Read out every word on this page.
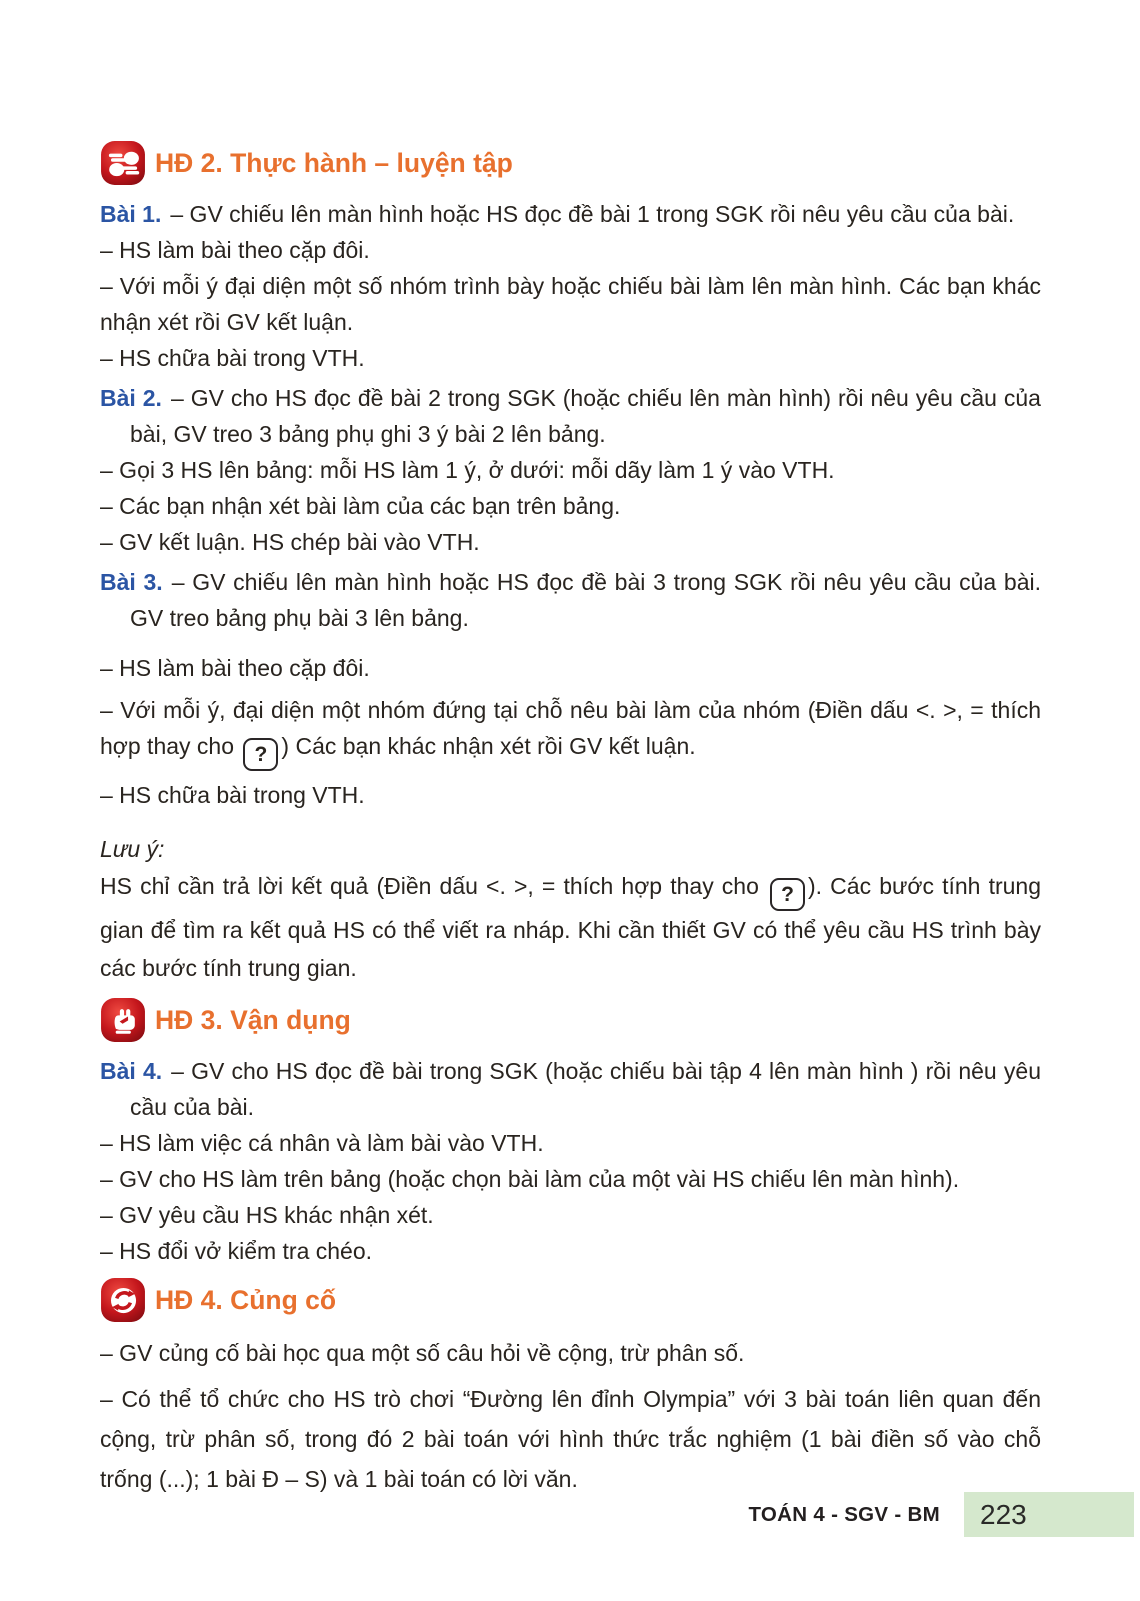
HĐ 2. Thực hành – luyện tập

Bài 1. – GV chiếu lên màn hình hoặc HS đọc đề bài 1 trong SGK rồi nêu yêu cầu của bài.

– HS làm bài theo cặp đôi.

– Với mỗi ý đại diện một số nhóm trình bày hoặc chiếu bài làm lên màn hình. Các bạn khác nhận xét rồi GV kết luận.

– HS chữa bài trong VTH.

Bài 2. – GV cho HS đọc đề bài 2 trong SGK (hoặc chiếu lên màn hình) rồi nêu yêu cầu của bài, GV treo 3 bảng phụ ghi 3 ý bài 2 lên bảng.

– Gọi 3 HS lên bảng: mỗi HS làm 1 ý, ở dưới: mỗi dãy làm 1 ý vào VTH.

– Các bạn nhận xét bài làm của các bạn trên bảng.

– GV kết luận. HS chép bài vào VTH.

Bài 3. – GV chiếu lên màn hình hoặc HS đọc đề bài 3 trong SGK rồi nêu yêu cầu của bài. GV treo bảng phụ bài 3 lên bảng.

– HS làm bài theo cặp đôi.

– Với mỗi ý, đại diện một nhóm đứng tại chỗ nêu bài làm của nhóm (Điền dấu <. >, = thích hợp thay cho ? ) Các bạn khác nhận xét rồi GV kết luận.

– HS chữa bài trong VTH.

Lưu ý:

HS chỉ cần trả lời kết quả (Điền dấu <. >, = thích hợp thay cho ? ). Các bước tính trung gian để tìm ra kết quả HS có thể viết ra nháp. Khi cần thiết GV có thể yêu cầu HS trình bày các bước tính trung gian.

HĐ 3. Vận dụng

Bài 4. – GV cho HS đọc đề bài trong SGK (hoặc chiếu bài tập 4 lên màn hình ) rồi nêu yêu cầu của bài.

– HS làm việc cá nhân và làm bài vào VTH.

– GV cho HS làm trên bảng (hoặc chọn bài làm của một vài HS chiếu lên màn hình).

– GV yêu cầu HS khác nhận xét.

– HS đổi vở kiểm tra chéo.

HĐ 4. Củng cố

– GV củng cố bài học qua một số câu hỏi về cộng, trừ phân số.

– Có thể tổ chức cho HS trò chơi “Đường lên đỉnh Olympia” với 3 bài toán liên quan đến cộng, trừ phân số, trong đó 2 bài toán với hình thức trắc nghiệm (1 bài điền số vào chỗ trống (...); 1 bài Đ – S) và 1 bài toán có lời văn.

TOÁN 4 - SGV - BM	223
